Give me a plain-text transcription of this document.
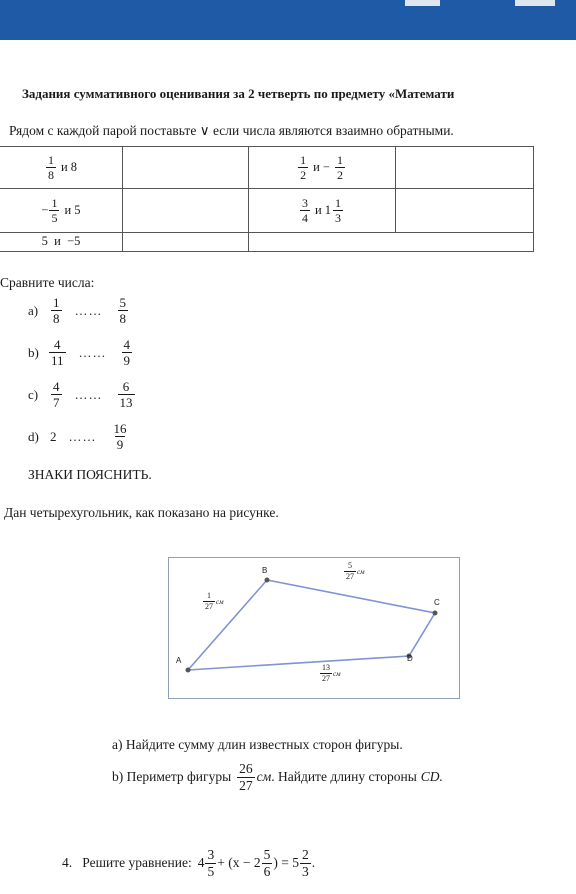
Задания суммативного оценивания за 2 четверть по предмету «Математи
Рядом с каждой парой поставьте ∨ если числа являются взаимно обратными.
$\frac{1}{8}$ и 8	$\frac{1}{2}$ $и - \frac{1}{2}$
− $\frac{1}{5}$ и 5	$\frac{3}{4}$ и $1 \frac{1}{3}$
5  и  −5
Сравните числа:
$a) \frac{1}{8}$ …… $\frac{5}{8}$
$b) \frac{4}{11}$ …… $\frac{4}{9}$
$c) \frac{4}{7}$ …… $\frac{6}{13}$
d) 2 …… $\frac{16}{9}$
ЗНАКИ ПОЯСНИТЬ.
Дан четырехугольник, как показано на рисунке.
A
B
C
D
$\frac{1}{27}$ см
$\frac{5}{27}$ см
$\frac{13}{27}$ см
a) Найдите сумму длин известных сторон фигуры.
b) Периметр фигуры $\frac{26}{27}$ см . Найдите длину стороны CD.
4.   Решите уравнение: $4 \frac{3}{5} + (x - 2 \frac{5}{6}$ ) = $5 \frac{2}{3}$ .
